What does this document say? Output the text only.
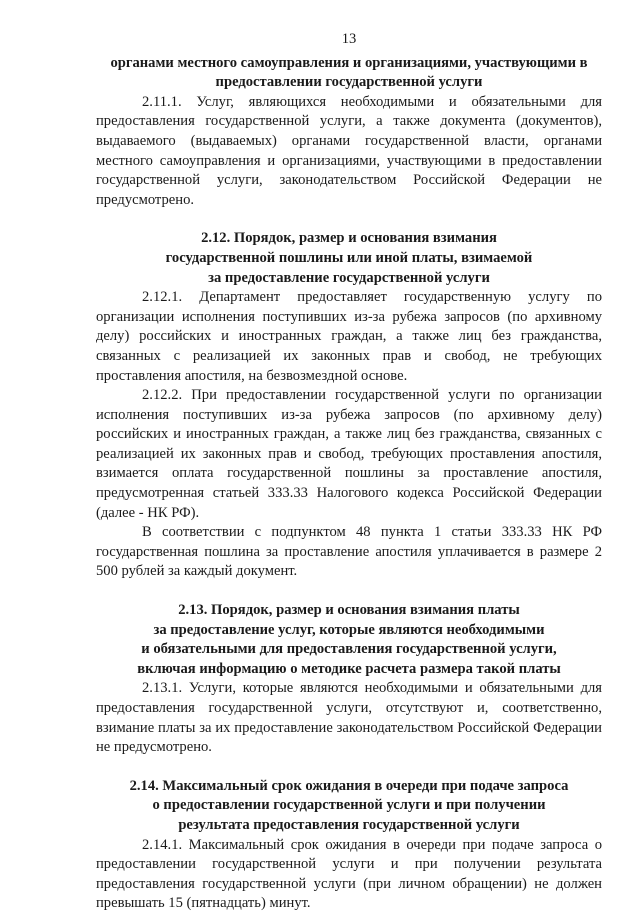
13
органами местного самоуправления и организациями, участвующими в
предоставлении государственной услуги

2.11.1. Услуг, являющихся необходимыми и обязательными для предоставления государственной услуги, а также документа (документов), выдаваемого (выдаваемых) органами государственной власти, органами местного самоуправления и организациями, участвующими в предоставлении государственной услуги, законодательством Российской Федерации не предусмотрено.

2.12. Порядок, размер и основания взимания
государственной пошлины или иной платы, взимаемой
за предоставление государственной услуги

2.12.1. Департамент предоставляет государственную услугу по организации исполнения поступивших из-за рубежа запросов (по архивному делу) российских и иностранных граждан, а также лиц без гражданства, связанных с реализацией их законных прав и свобод, не требующих проставления апостиля, на безвозмездной основе.

2.12.2. При предоставлении государственной услуги по организации исполнения поступивших из-за рубежа запросов (по архивному делу) российских и иностранных граждан, а также лиц без гражданства, связанных с реализацией их законных прав и свобод, требующих проставления апостиля, взимается оплата государственной пошлины за проставление апостиля, предусмотренная статьей 333.33 Налогового кодекса Российской Федерации (далее - НК РФ).

В соответствии с подпунктом 48 пункта 1 статьи 333.33 НК РФ государственная пошлина за проставление апостиля уплачивается в размере 2 500 рублей за каждый документ.

2.13. Порядок, размер и основания взимания платы
за предоставление услуг, которые являются необходимыми
и обязательными для предоставления государственной услуги,
включая информацию о методике расчета размера такой платы

2.13.1. Услуги, которые являются необходимыми и обязательными для предоставления государственной услуги, отсутствуют и, соответственно, взимание платы за их предоставление законодательством Российской Федерации не предусмотрено.

2.14. Максимальный срок ожидания в очереди при подаче запроса
о предоставлении государственной услуги и при получении
результата предоставления государственной услуги

2.14.1. Максимальный срок ожидания в очереди при подаче запроса о предоставлении государственной услуги и при получении результата предоставления государственной услуги (при личном обращении) не должен превышать 15 (пятнадцать) минут.
